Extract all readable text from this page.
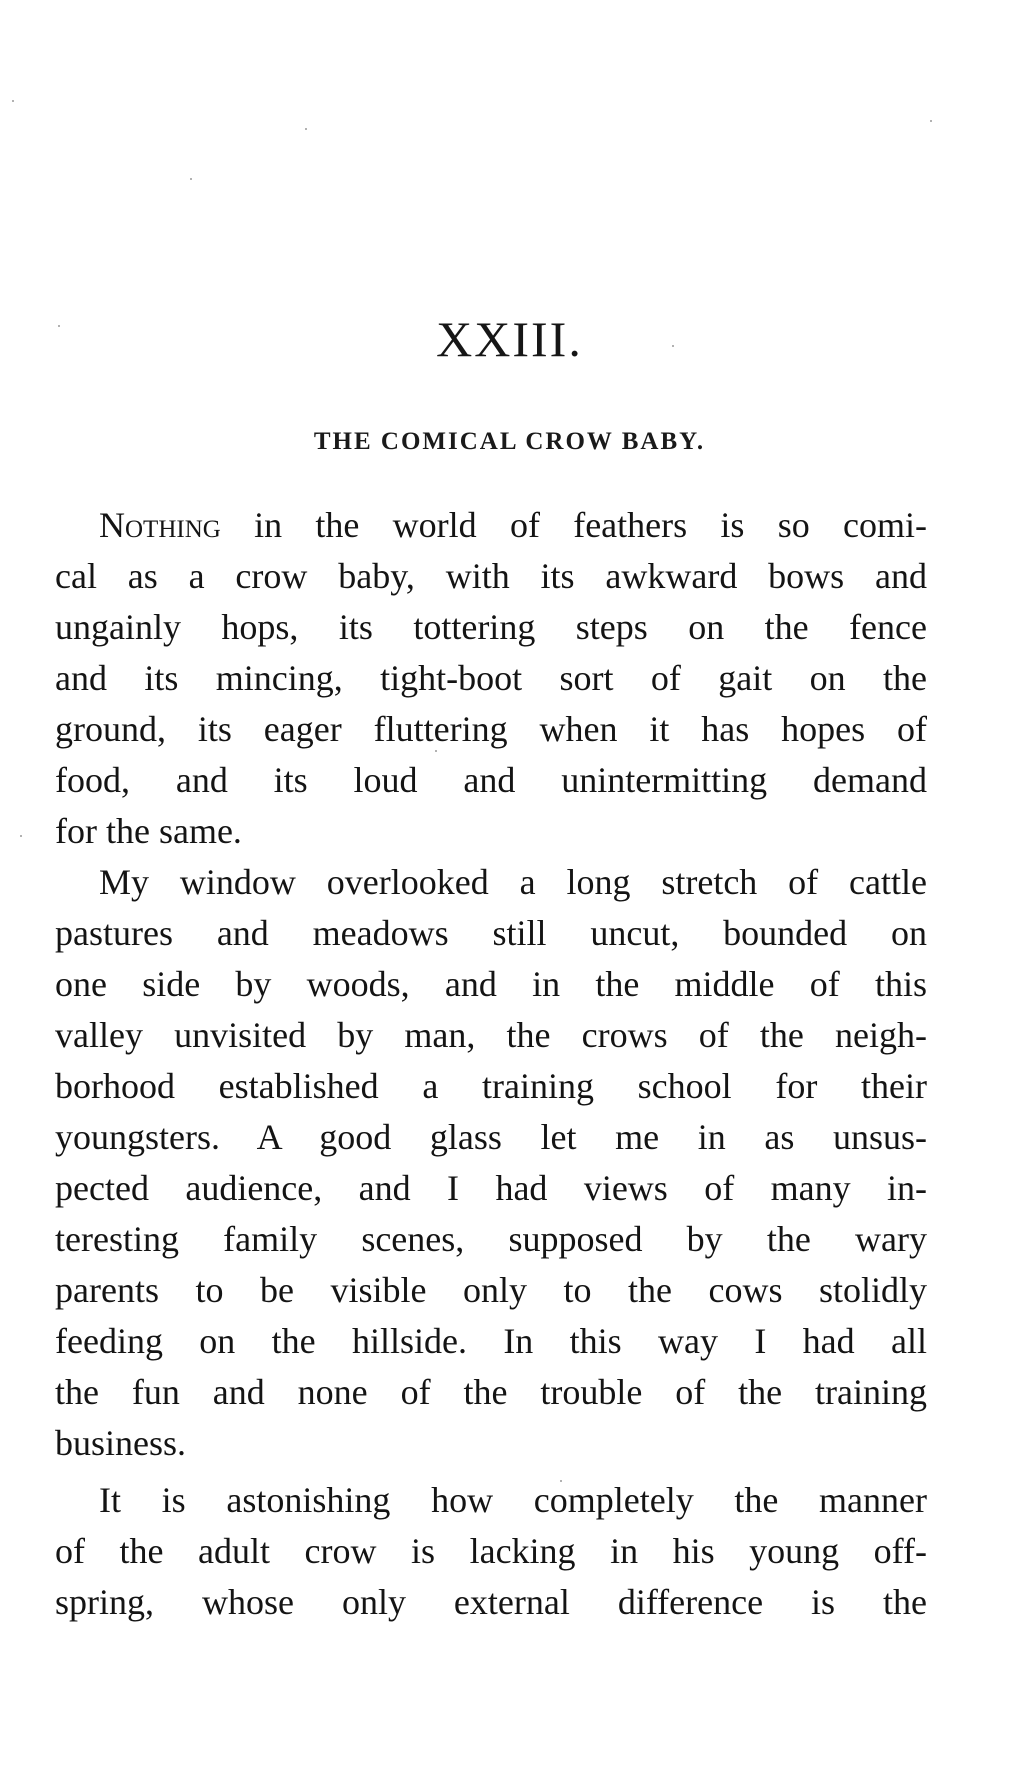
XXIII.
THE COMICAL CROW BABY.
Nothing in the world of feathers is so comi-
cal as a crow baby, with its awkward bows and
ungainly hops, its tottering steps on the fence
and its mincing, tight-boot sort of gait on the
ground, its eager fluttering when it has hopes of
food, and its loud and unintermitting demand
for the same.
My window overlooked a long stretch of cattle
pastures and meadows still uncut, bounded on
one side by woods, and in the middle of this
valley unvisited by man, the crows of the neigh-
borhood established a training school for their
youngsters. A good glass let me in as unsus-
pected audience, and I had views of many in-
teresting family scenes, supposed by the wary
parents to be visible only to the cows stolidly
feeding on the hillside. In this way I had all
the fun and none of the trouble of the training
business.
It is astonishing how completely the manner
of the adult crow is lacking in his young off-
spring, whose only external difference is the
